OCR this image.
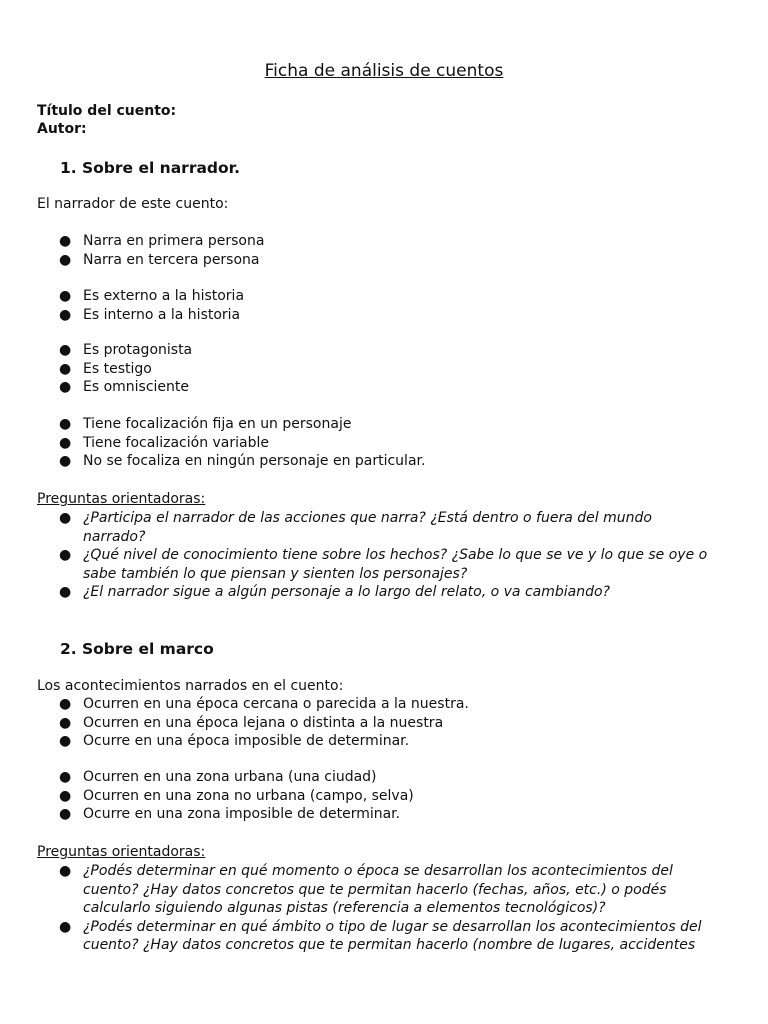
Ficha de análisis de cuentos
Título del cuento:
Autor:
1. Sobre el narrador.

El narrador de este cuento:

● Narra en primera persona
● Narra en tercera persona
● Es externo a la historia
● Es interno a la historia
● Es protagonista
● Es testigo
● Es omnisciente
● Tiene focalización fija en un personaje
● Tiene focalización variable
● No se focaliza en ningún personaje en particular.

Preguntas orientadoras:

● ¿Participa el narrador de las acciones que narra? ¿Está dentro o fuera del mundo narrado?
● ¿Qué nivel de conocimiento tiene sobre los hechos? ¿Sabe lo que se ve y lo que se oye o sabe también lo que piensan y sienten los personajes?
● ¿El narrador sigue a algún personaje a lo largo del relato, o va cambiando?
2. Sobre el marco

Los acontecimientos narrados en el cuento:

● Ocurren en una época cercana o parecida a la nuestra.
● Ocurren en una época lejana o distinta a la nuestra
● Ocurre en una época imposible de determinar.
● Ocurren en una zona urbana (una ciudad)
● Ocurren en una zona no urbana (campo, selva)
● Ocurre en una zona imposible de determinar.

Preguntas orientadoras:

● ¿Podés determinar en qué momento o época se desarrollan los acontecimientos del cuento? ¿Hay datos concretos que te permitan hacerlo (fechas, años, etc.) o podés calcularlo siguiendo algunas pistas (referencia a elementos tecnológicos)?
● ¿Podés determinar en qué ámbito o tipo de lugar se desarrollan los acontecimientos del cuento? ¿Hay datos concretos que te permitan hacerlo (nombre de lugares, accidentes
